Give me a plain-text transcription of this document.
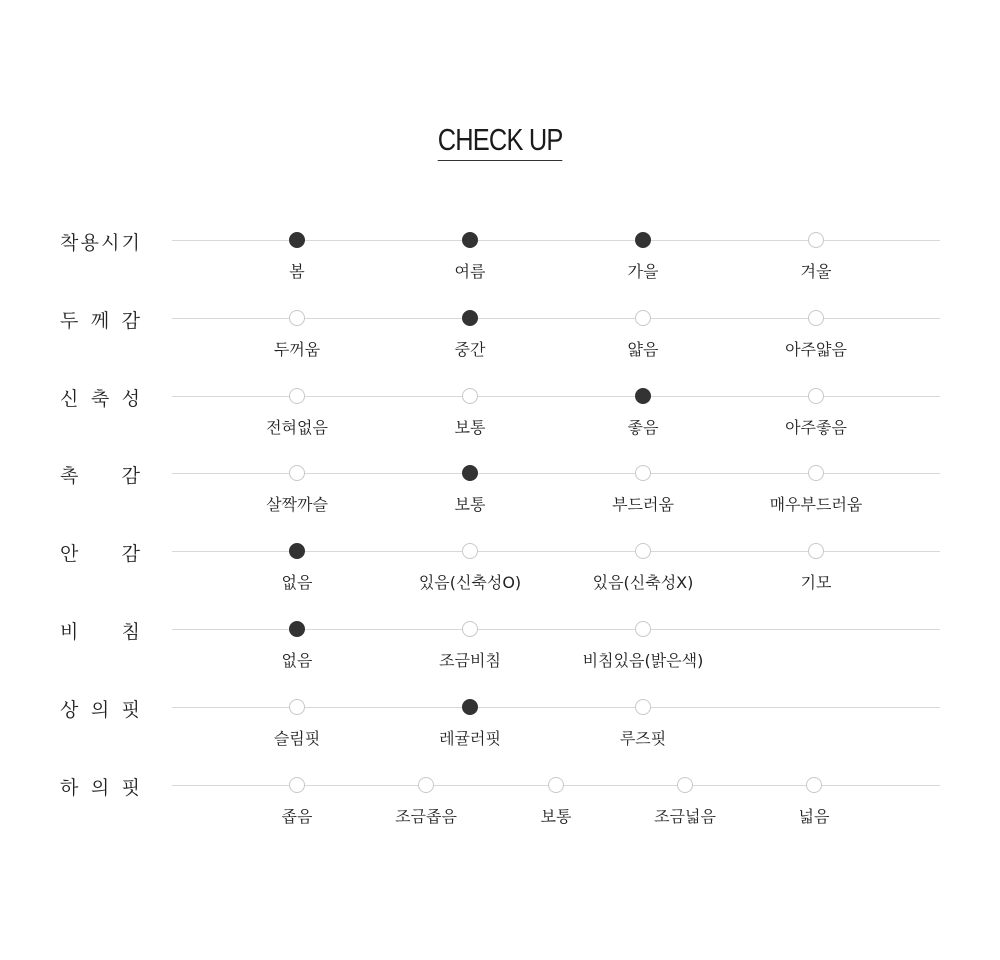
CHECK UP
착 용 시 기
봄	여름	가을	겨울
두 께 감
두꺼움	중간	얇음	아주얇음
신 축 성
전혀없음	보통	좋음	아주좋음
촉 감
살짝까슬	보통	부드러움	매우부드러움
안 감
없음	있음(신축성O)	있음(신축성X)	기모
비 침
없음	조금비침	비침있음(밝은색)
상 의 핏
슬림핏	레귤러핏	루즈핏
하 의 핏
좁음	조금좁음	보통	조금넓음	넓음
